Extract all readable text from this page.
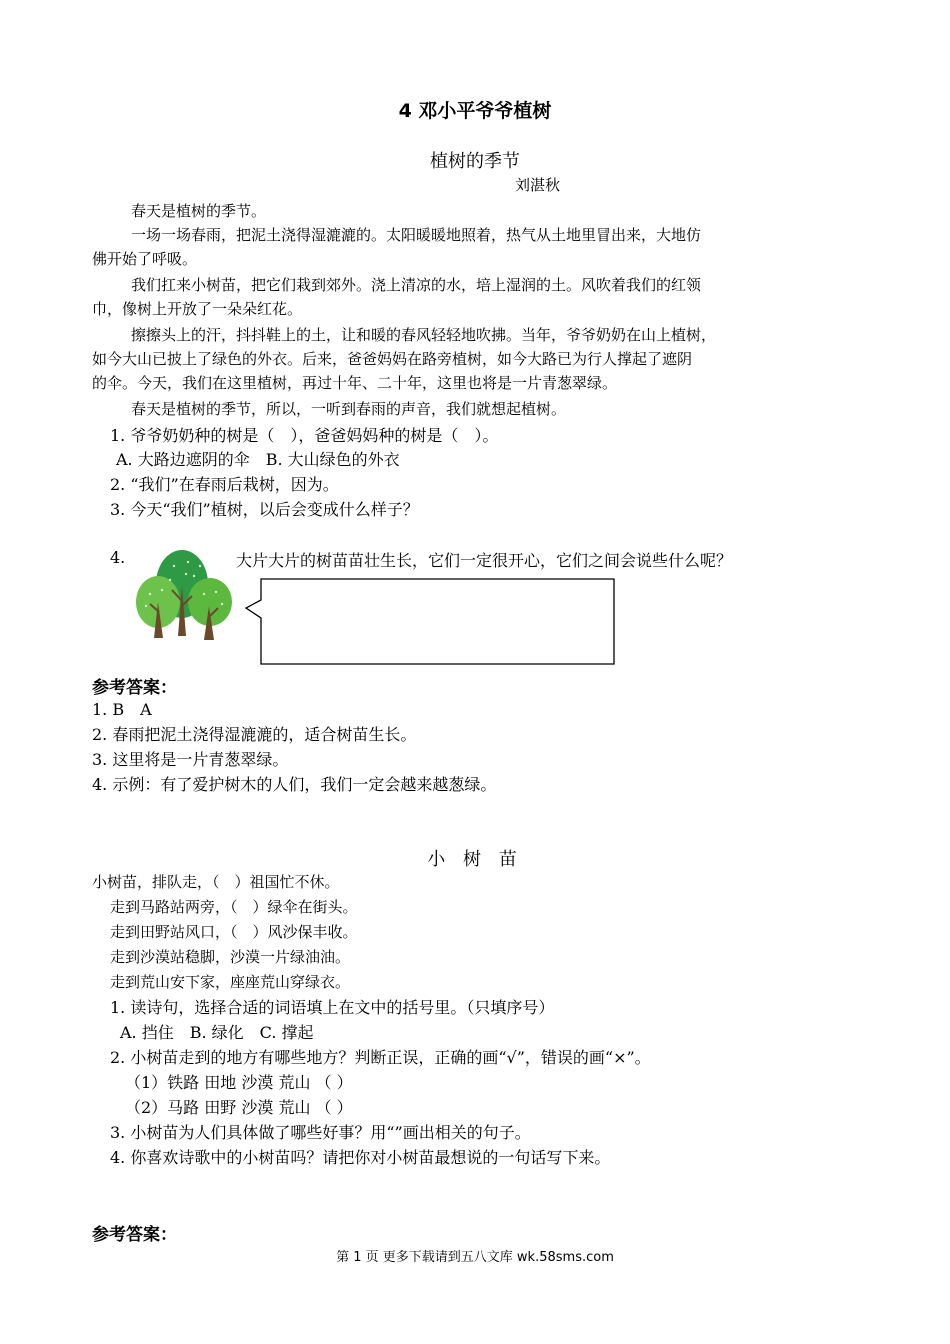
4 邓小平爷爷植树
植树的季节
刘湛秋
春天是植树的季节。
一场一场春雨，把泥土浇得湿漉漉的。太阳暖暖地照着，热气从土地里冒出来，大地仿
佛开始了呼吸。
我们扛来小树苗，把它们栽到郊外。浇上清凉的水，培上湿润的土。风吹着我们的红领
巾，像树上开放了一朵朵红花。
擦擦头上的汗，抖抖鞋上的土，让和暖的春风轻轻地吹拂。当年，爷爷奶奶在山上植树，
如今大山已披上了绿色的外衣。后来，爸爸妈妈在路旁植树，如今大路已为行人撑起了遮阴
的伞。今天，我们在这里植树，再过十年、二十年，这里也将是一片青葱翠绿。
春天是植树的季节，所以，一听到春雨的声音，我们就想起植树。
1. 爷爷奶奶种的树是（　），爸爸妈妈种的树是（　）。
A. 大路边遮阴的伞　B. 大山绿色的外衣
2. “我们”在春雨后栽树，因为。
3. 今天“我们”植树，以后会变成什么样子？
4.	大片大片的树苗苗壮生长，它们一定很开心，它们之间会说些什么呢？
参考答案：
1. B　A
2. 春雨把泥土浇得湿漉漉的，适合树苗生长。
3. 这里将是一片青葱翠绿。
4. 示例：有了爱护树木的人们，我们一定会越来越葱绿。
小 树 苗
小树苗，排队走，（　）祖国忙不休。
走到马路站两旁，（　）绿伞在街头。
走到田野站风口，（　）风沙保丰收。
走到沙漠站稳脚，沙漠一片绿油油。
走到荒山安下家，座座荒山穿绿衣。
1. 读诗句，选择合适的词语填上在文中的括号里。（只填序号）
A. 挡住　B. 绿化　C. 撑起
2. 小树苗走到的地方有哪些地方？判断正误，正确的画“√”，错误的画“×”。
（1）铁路 田地 沙漠 荒山 （ ）
（2）马路 田野 沙漠 荒山 （ ）
3. 小树苗为人们具体做了哪些好事？用“”画出相关的句子。
4. 你喜欢诗歌中的小树苗吗？请把你对小树苗最想说的一句话写下来。
参考答案：
第 1 页 更多下载请到五八文库 wk.58sms.com
